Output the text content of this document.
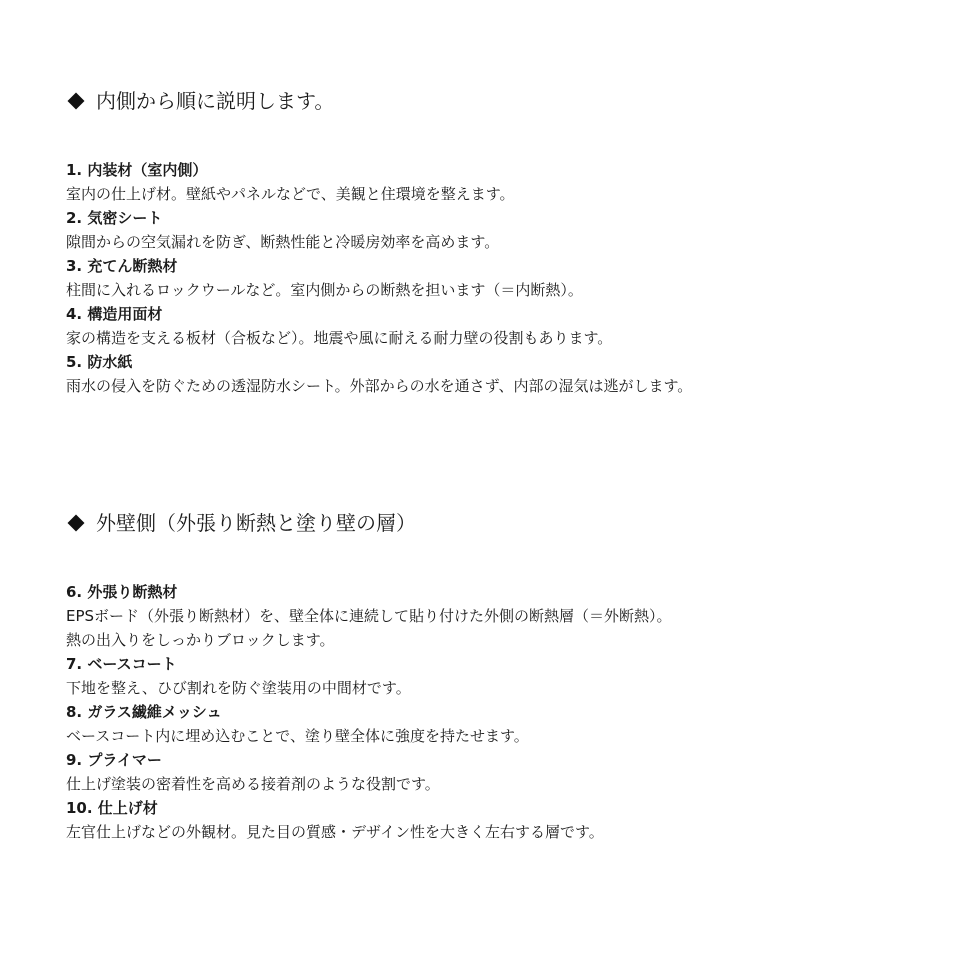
内側から順に説明します。
1. 内装材（室内側）
室内の仕上げ材。壁紙やパネルなどで、美観と住環境を整えます。
2. 気密シート
隙間からの空気漏れを防ぎ、断熱性能と冷暖房効率を高めます。
3. 充てん断熱材
柱間に入れるロックウールなど。室内側からの断熱を担います（＝内断熱）。
4. 構造用面材
家の構造を支える板材（合板など）。地震や風に耐える耐力壁の役割もあります。
5. 防水紙
雨水の侵入を防ぐための透湿防水シート。外部からの水を通さず、内部の湿気は逃がします。
外壁側（外張り断熱と塗り壁の層）
6. 外張り断熱材
EPSボード（外張り断熱材）を、壁全体に連続して貼り付けた外側の断熱層（＝外断熱）。
熱の出入りをしっかりブロックします。
7. ベースコート
下地を整え、ひび割れを防ぐ塗装用の中間材です。
8. ガラス繊維メッシュ
ベースコート内に埋め込むことで、塗り壁全体に強度を持たせます。
9. プライマー
仕上げ塗装の密着性を高める接着剤のような役割です。
10. 仕上げ材
左官仕上げなどの外観材。見た目の質感・デザイン性を大きく左右する層です。
